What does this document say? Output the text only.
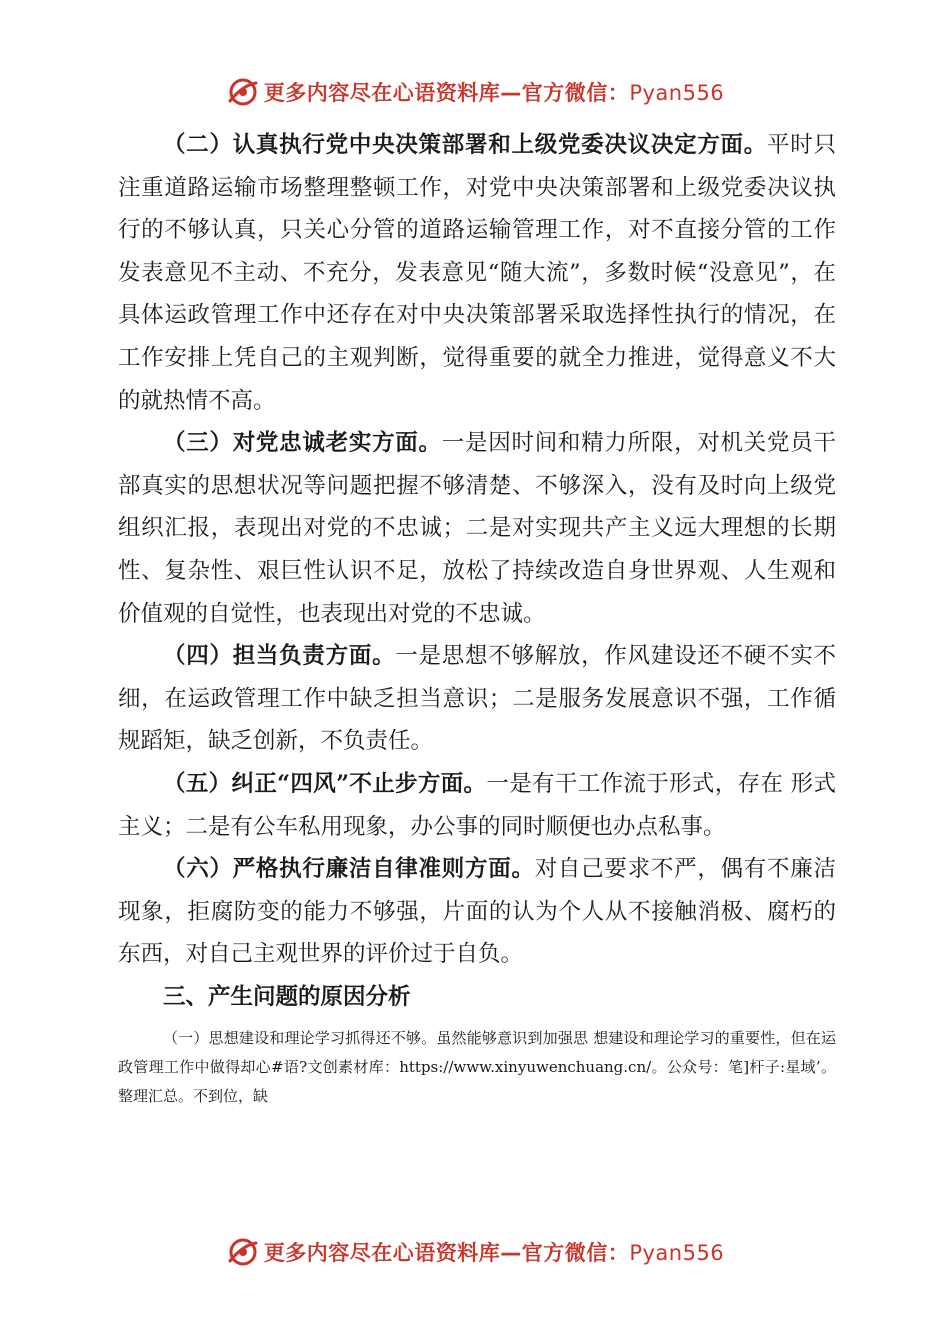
更多内容尽在心语资料库—官方微信：Pyan556

（二）认真执行党中央决策部署和上级党委决议决定方面。平时只注重道路运输市场整理整顿工作，对党中央决策部署和上级党委决议执行的不够认真，只关心分管的道路运输管理工作，对不直接分管的工作发表意见不主动、不充分，发表意见“随大流”，多数时候“没意见”，在具体运政管理工作中还存在对中央决策部署采取选择性执行的情况，在工作安排上凭自己的主观判断，觉得重要的就全力推进，觉得意义不大的就热情不高。

（三）对党忠诚老实方面。一是因时间和精力所限，对机关党员干部真实的思想状况等问题把握不够清楚、不够深入，没有及时向上级党组织汇报，表现出对党的不忠诚；二是对实现共产主义远大理想的长期性、复杂性、艰巨性认识不足，放松了持续改造自身世界观、人生观和价值观的自觉性，也表现出对党的不忠诚。

（四）担当负责方面。一是思想不够解放，作风建设还不硬不实不细，在运政管理工作中缺乏担当意识；二是服务发展意识不强，工作循规蹈矩，缺乏创新，不负责任。

（五）纠正“四风”不止步方面。一是有干工作流于形式，存在 形式主义；二是有公车私用现象，办公事的同时顺便也办点私事。

（六）严格执行廉洁自律准则方面。对自己要求不严，偶有不廉洁现象，拒腐防变的能力不够强，片面的认为个人从不接触消极、腐朽的东西，对自己主观世界的评价过于自负。

三、产生问题的原因分析

（一）思想建设和理论学习抓得还不够。虽然能够意识到加强思 想建设和理论学习的重要性，但在运政管理工作中做得却心#语?文创素材库：https://www.xinyuwenchuang.cn/。公众号：笔]杆子:星域’。整理汇总。不到位，缺

更多内容尽在心语资料库—官方微信：Pyan556
